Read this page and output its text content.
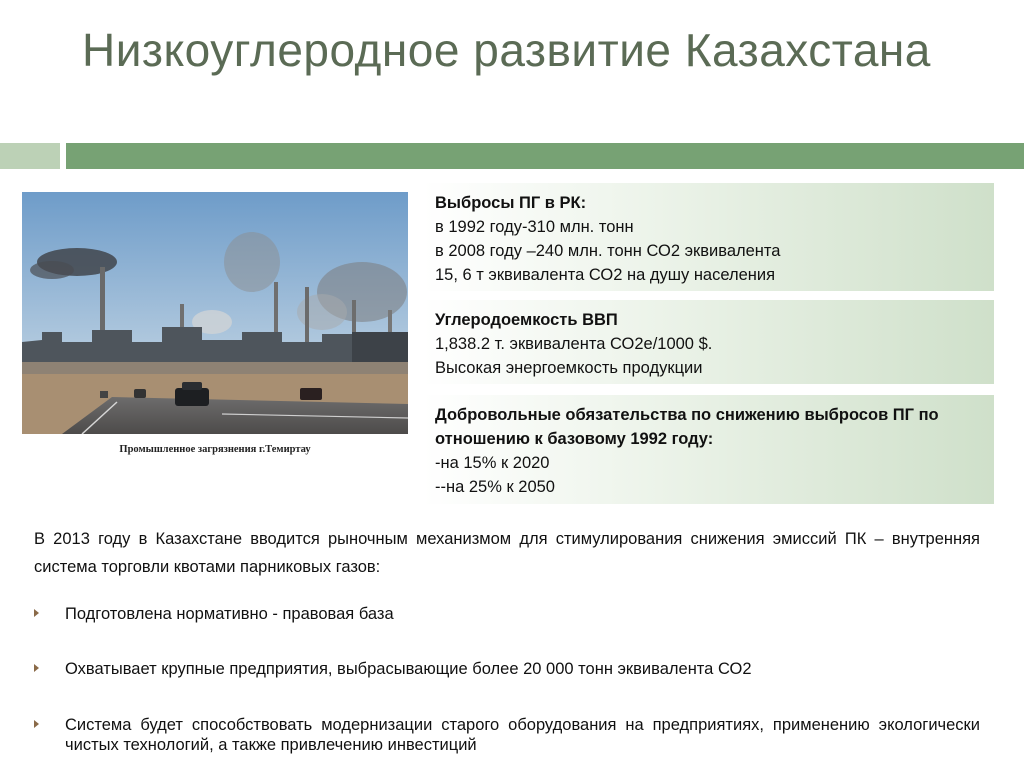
Низкоуглеродное развитие Казахстана
Промышленное загрязнения г.Темиртау
Выбросы ПГ в РК:
в 1992 году-310 млн. тонн
в 2008 году –240 млн. тонн СО2 эквивалента
15, 6 т эквивалента СО2 на душу населения
Углеродоемкость ВВП
1,838.2 т. эквивалента СО2е/1000 $.
Высокая энергоемкость продукции
Добровольные обязательства по снижению выбросов ПГ по отношению к базовому 1992 году:
-на 15% к 2020
--на 25% к 2050
В 2013 году в Казахстане вводится рыночным механизмом для стимулирования снижения эмиссий ПК – внутренняя система торговли квотами парниковых газов:
Подготовлена нормативно - правовая база
Охватывает крупные предприятия, выбрасывающие более 20 000 тонн эквивалента СО2
Система будет способствовать модернизации старого оборудования на предприятиях, применению экологически чистых технологий, а также привлечению инвестиций
